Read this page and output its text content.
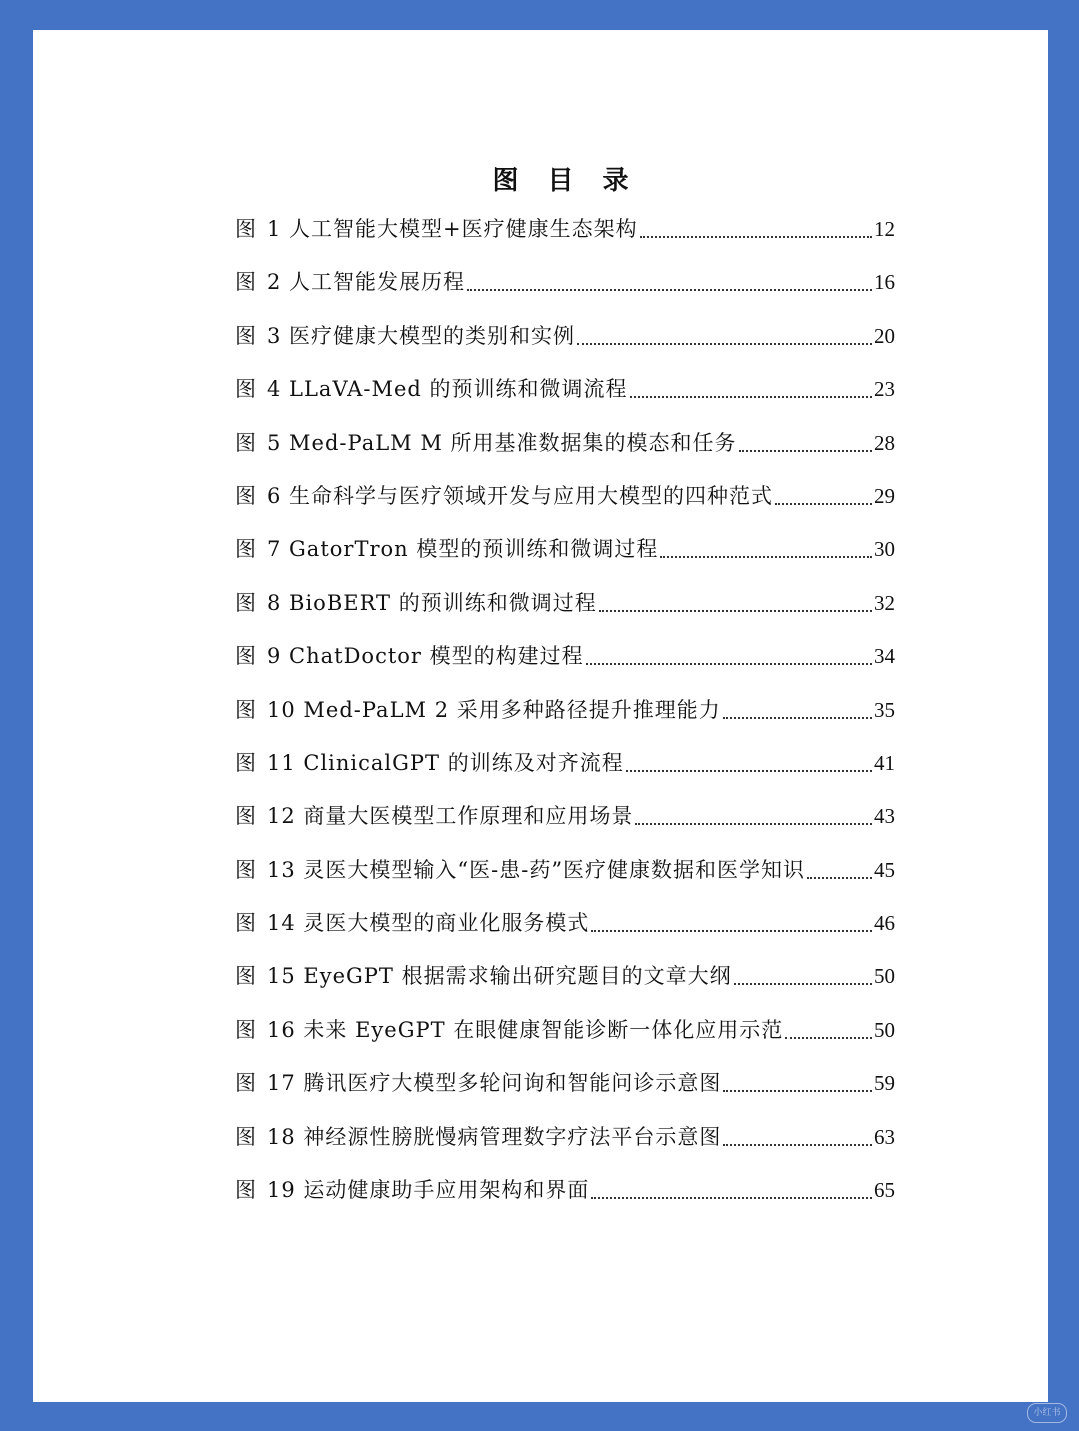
图 目 录
图 1 人工智能大模型+医疗健康生态架构	12
图 2 人工智能发展历程	16
图 3 医疗健康大模型的类别和实例	20
图 4 LLaVA-Med 的预训练和微调流程	23
图 5 Med-PaLM M 所用基准数据集的模态和任务	28
图 6 生命科学与医疗领域开发与应用大模型的四种范式	29
图 7 GatorTron 模型的预训练和微调过程	30
图 8 BioBERT 的预训练和微调过程	32
图 9 ChatDoctor 模型的构建过程	34
图 10 Med-PaLM 2 采用多种路径提升推理能力	35
图 11 ClinicalGPT 的训练及对齐流程	41
图 12 商量大医模型工作原理和应用场景	43
图 13 灵医大模型输入“医-患-药”医疗健康数据和医学知识	45
图 14 灵医大模型的商业化服务模式	46
图 15 EyeGPT 根据需求输出研究题目的文章大纲	50
图 16 未来 EyeGPT 在眼健康智能诊断一体化应用示范	50
图 17 腾讯医疗大模型多轮问询和智能问诊示意图	59
图 18 神经源性膀胱慢病管理数字疗法平台示意图	63
图 19 运动健康助手应用架构和界面	65
小红书
